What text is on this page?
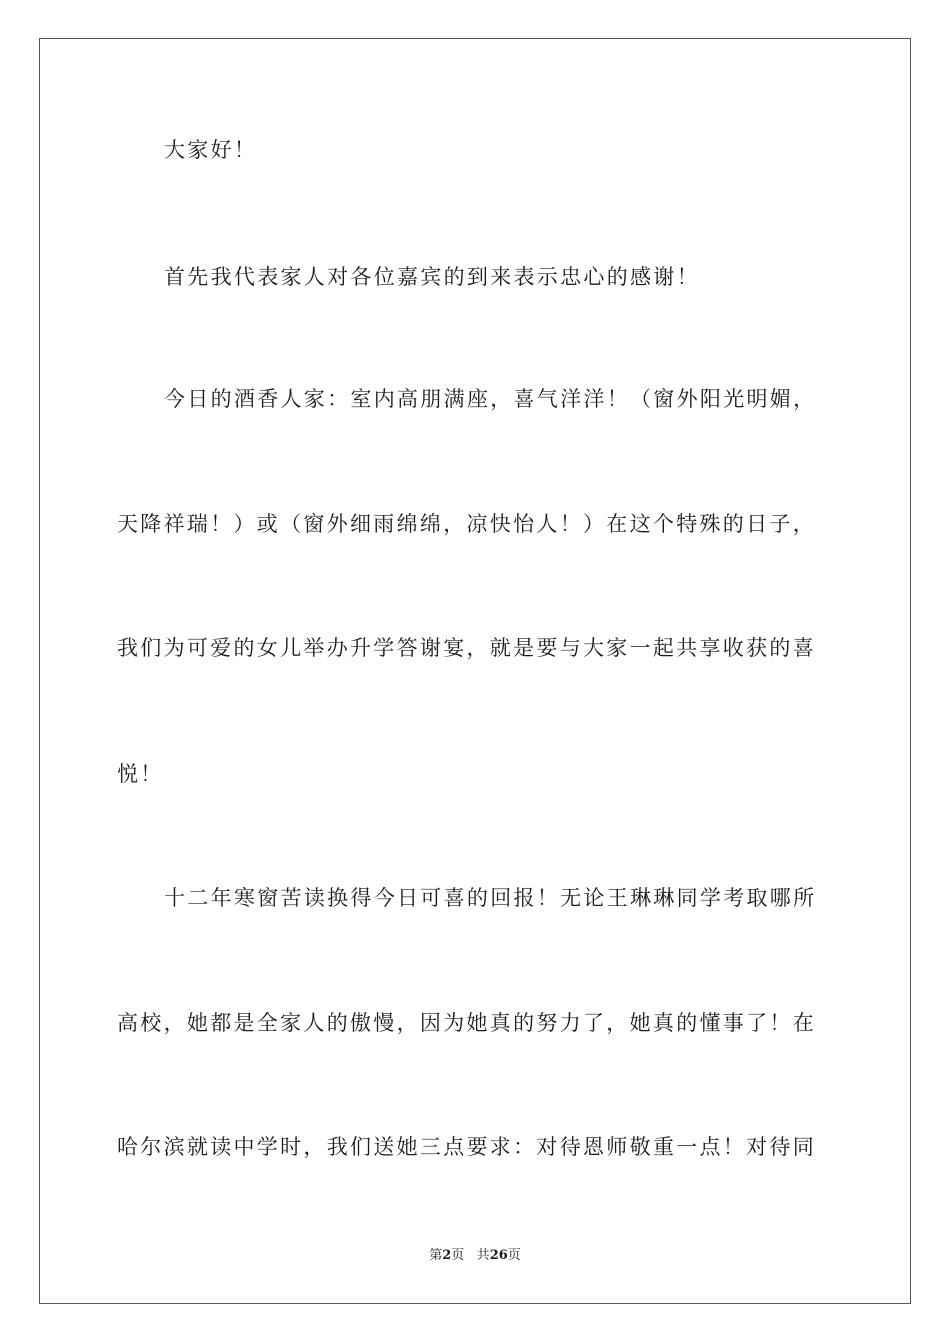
大家好！
首先我代表家人对各位嘉宾的到来表示忠心的感谢！
今日的酒香人家：室内高朋满座，喜气洋洋！（窗外阳光明媚，
天降祥瑞！）或（窗外细雨绵绵，凉快怡人！）在这个特殊的日子，
我们为可爱的女儿举办升学答谢宴，就是要与大家一起共享收获的喜
悦！
十二年寒窗苦读换得今日可喜的回报！无论王琳琳同学考取哪所
高校，她都是全家人的傲慢，因为她真的努力了，她真的懂事了！在
哈尔滨就读中学时，我们送她三点要求：对待恩师敬重一点！对待同
第2页 共26页
